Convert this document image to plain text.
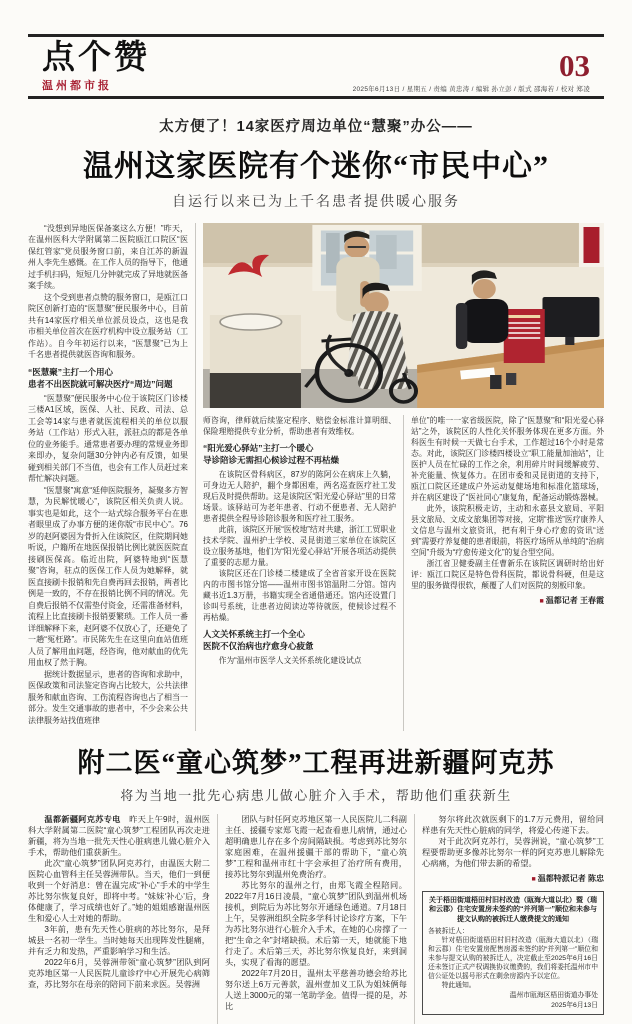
点个赞
温州都市报
03
2025年6月13日 / 星期五 / 责编 黄忠涛 / 编辑 孙立彭 / 版式 邵海若 / 校对 郑凌
太方便了！14家医疗周边单位“慧聚”办公——
温州这家医院有个迷你“市民中心”
自运行以来已为上千名患者提供暖心服务

“没想到异地医保备案这么方便！”昨天，在温州医科大学附属第二医院瓯江口院区“医保红管家”党员服务窗口前，来自江苏的新温州人李先生感慨。在工作人员的指导下，他通过手机扫码，短短几分钟就完成了异地就医备案手续。

这个受到患者点赞的服务窗口，是瓯江口院区创新打造的“医慧聚”便民服务中心，目前共有14家医疗相关单位派员设点，这也是我市相关单位首次在医疗机构中设立服务站（工作站）。自今年初运行以来，“医慧聚”已为上千名患者提供就医咨询和服务。

“医慧聚”主打一个用心

患者不出医院就可解决医疗“周边”问题

“医慧聚”便民服务中心位于该院区门诊楼三楼A1区域，医保、人社、民政、司法、总工会等14家与患者就医流程相关的单位以服务站（工作站）形式入驻，派驻点的都是各单位的业务能手。通常患者要办理的常规业务即来即办，复杂问题30分钟内必有反馈，如果碰到相关部门不当值，也会有工作人员赶过来帮忙解决问题。

“医慧聚”寓意“延伸医院服务，凝聚多方智慧，为民解忧暖心”，该院区相关负责人说。事实也是如此，这个一站式综合服务平台在患者眼里成了办事方便的迷你版“市民中心”。76岁的赵阿婆因为骨折入住该院区，住院期间她听说，户籍所在地医保报销比例比就医医院直接刷医保高。临近出院，阿婆特地到“医慧聚”咨询，驻点的医保工作人员为她解释，就医直接刷卡报销和先自费再回去报销，两者比例是一致的，不存在报销比例不同的情况。先自费后报销不仅需垫付资金，还需准备材料，流程上比直接刷卡报销要繁琐。工作人员一番详细解释下来，赵阿婆不仅放心了，还避免了一趟“冤枉路”。市民陈先生在这里向血站值班人员了解用血问题，经咨询，他对献血的优先用血权了然于胸。

据统计数据显示，患者的咨询和求助中，医保政策和司法鉴定咨询占比较大，公共法律服务和献血咨询、工伤流程咨询也占了相当一部分。发生交通事故的患者中，不少会来公共法律服务站找值班律

师咨询，律师就后续鉴定程序、赔偿金标准计算明细、保险理赔提供专业分析，帮助患者有效维权。

“阳光爱心驿站”主打一个暖心

导诊陪诊无需担心候诊过程不再枯燥

在该院区骨科病区，87岁的陈阿公在病床上久躺，可身边无人陪护，翻个身都困难，两名巡查医疗社工发现后及时提供帮助。这是该院区“阳光爱心驿站”里的日常场景。该驿站可为老年患者、行动不便患者、无人陪护患者提供全程导诊陪诊服务和医疗社工服务。

此前，该院区开展“医校地”结对共建，浙江工贸职业技术学院、温州护士学校、灵昆街道三家单位在该院区设立服务基地，他们为“阳光爱心驿站”开展各项活动提供了重要的志愿力量。

该院区还在门诊楼二楼建成了全省首家开设在医院内的市图书馆分馆——温州市图书馆温附二分馆。馆内藏书近1.3万册，书籍实现全省通借通还。馆内还设置门诊叫号系统，让患者边阅读边等待就医，使候诊过程不再枯燥。

人文关怀系统主打一个全心

医院不仅治病也疗愈身心疲惫

作为“温州市医学人文关怀系统化建设试点

单位”的唯一一家省级医院，除了“医慧聚”和“阳光爱心驿站”之外，该院区的人性化关怀服务体现在更多方面。外科医生有时候一天做七台手术，工作超过16个小时是常态。对此，该院区门诊楼四楼设立“职工能量加油站”，让医护人员在忙碌的工作之余，利用碎片时间缓解疲劳、补充能量、恢复体力。在团市委和灵昆街道的支持下，瓯江口院区还建成户外运动复健场地和标准化篮球场，并在病区建设了“医社同心”康复角，配备运动锻炼器械。

此外，该院积极走访，主动和永嘉县文旅局、平阳县文旅局、文成文旅集团等对接，定期“推送”医疗康养人文信息与温州文旅资讯，把有利于身心疗愈的资讯“送到”需要疗养复健的患者眼前，将医疗场所从单纯的“治病空间”升级为“疗愈传递文化”的复合型空间。

浙江省卫健委副主任曹新乐在该院区调研时给出好评：瓯江口院区是特色骨科医院，都说骨科硬，但是这里的服务做得很软，颠覆了人们对医院的刻板印象。

■ 温都记者 王春霞
附二医“童心筑梦”工程再进新疆阿克苏
将为当地一批先心病患儿做心脏介入手术，帮助他们重获新生

温都新疆阿克苏专电　 昨天上午9时，温州医科大学附属第二医院“童心筑梦”工程团队再次走进新疆，将为当地一批先天性心脏病患儿做心脏介入手术，帮助他们重获新生。

此次“童心筑梦”团队阿克苏行，由温医大附二医院心血管科主任吴蓉洲带队。当天，他们一到便收到一个好消息：曾在温完成“补心”手术的中学生苏比努尔恢复良好，即将中考。“妹妹‘补心’后，身体健康了，学习成绩也好了。”她的姐姐感谢温州医生和爱心人士对她的帮助。

3年前，患有先天性心脏病的苏比努尔，是拜城县一名初一学生。当时她每天出现阵发性腿痛，并有乏力和发热，严重影响学习和生活。

2022年6月，吴蓉洲带领“童心筑梦”团队到阿克苏地区第一人民医院儿童诊疗中心开展先心病筛查，苏比努尔在母亲的陪同下前来求医。吴蓉洲

团队与时任阿克苏地区第一人民医院儿二科副主任、援疆专家郑飞霞一起查看患儿病情，通过心超明确患儿存在多个房间隔缺损。考虑到苏比努尔家庭困难，在温州援疆干部的帮助下，“童心筑梦”工程和温州市红十字会承担了治疗所有费用，接苏比努尔到温州免费治疗。

苏比努尔的温州之行，由郑飞霞全程陪同。2022年7月16日凌晨，“童心筑梦”团队到温州机场接机，到院后为苏比努尔开通绿色通道。7月18日上午，吴蓉洲组织全院多学科讨论诊疗方案，下午为苏比努尔进行心脏介入手术，在她的心房撑了一把“生命之伞”封堵缺损。术后第一天，她就能下地行走了。术后第三天，苏比努尔恢复良好，来到洞头，实现了看海的愿望。

2022年7月20日，温州太平慈善功德会给苏比努尔送上6万元善款，温州壹加义工队为姐妹俩每人送上3000元的第一笔助学金。值得一提的是，苏比

努尔将此次就医剩下的1.7万元费用，留给同样患有先天性心脏病的同学，将爱心传递下去。

对于此次阿克苏行，吴蓉洲说，“童心筑梦”工程要帮助更多像苏比努尔一样的阿克苏患儿解除先心病痛，为他们带去新的希望。

■ 温都特派记者 陈忠
关于梧田街道梧田村旧村改造（瓯海大道以北）暨（瑞和云郡）住宅安置房未签约的“并列第一”顺位和未参与提文认购的被拆迁人缴费提文的通知

各被拆迁人：

针对梧田街道梧田村旧村改造（瓯海大道以北）（瑞和云郡）住宅安置房配售房源未签约的“并列第一”顺位和未参与提文认购的被拆迁人，决定截止至2025年6月16日还未签订正式产权调换协议缴费的，我们将委托温州市中信公证处以摇号形式在剩余房源内予以定位。

特此通知。

温州市瓯海区梧田街道办事处
2025年6月13日
